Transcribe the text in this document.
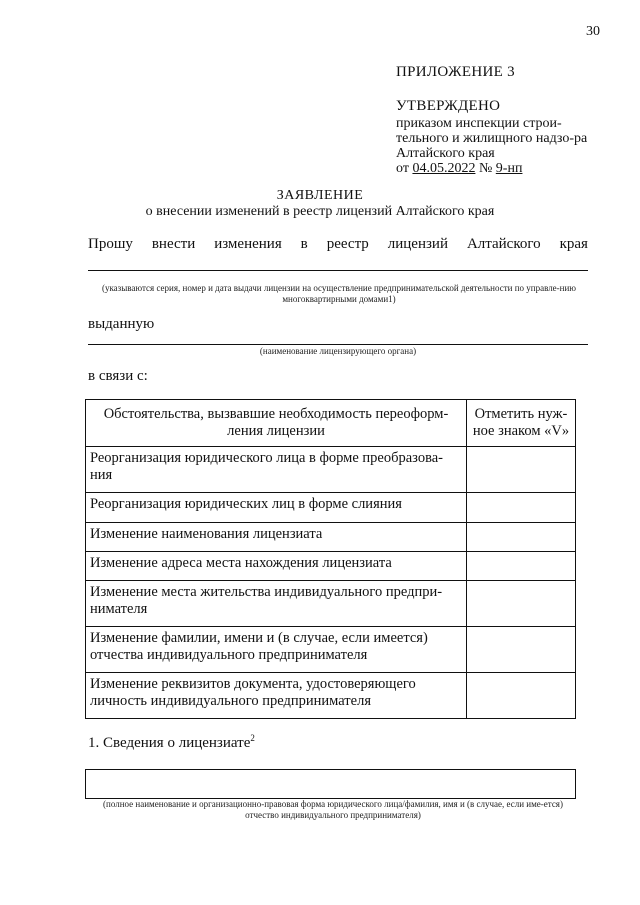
30
ПРИЛОЖЕНИЕ 3
УТВЕРЖДЕНО
приказом инспекции строи-тельного и жилищного надзо-ра Алтайского края
от 04.05.2022 № 9-нп
ЗАЯВЛЕНИЕ
о внесении изменений в реестр лицензий Алтайского края
Прошу внести изменения в реестр лицензий Алтайского края
(указываются серия, номер и дата выдачи лицензии на осуществление предпринимательской деятельности по управле-нию многоквартирными домами1)
выданную
(наименование лицензирующего органа)
в связи с:
Обстоятельства, вызвавшие необходимость переоформ-ления лицензии	Отметить нуж-ное знаком «V»
Реорганизация юридического лица в форме преобразова-ния	
Реорганизация юридических лиц в форме слияния	
Изменение наименования лицензиата	
Изменение адреса места нахождения лицензиата	
Изменение места жительства индивидуального предпри-нимателя	
Изменение фамилии, имени и (в случае, если имеется) отчества индивидуального предпринимателя	
Изменение реквизитов документа, удостоверяющего личность индивидуального предпринимателя	
1. Сведения о лицензиате$^2$
(полное наименование и организационно-правовая форма юридического лица/фамилия, имя и (в случае, если име-ется) отчество индивидуального предпринимателя)
